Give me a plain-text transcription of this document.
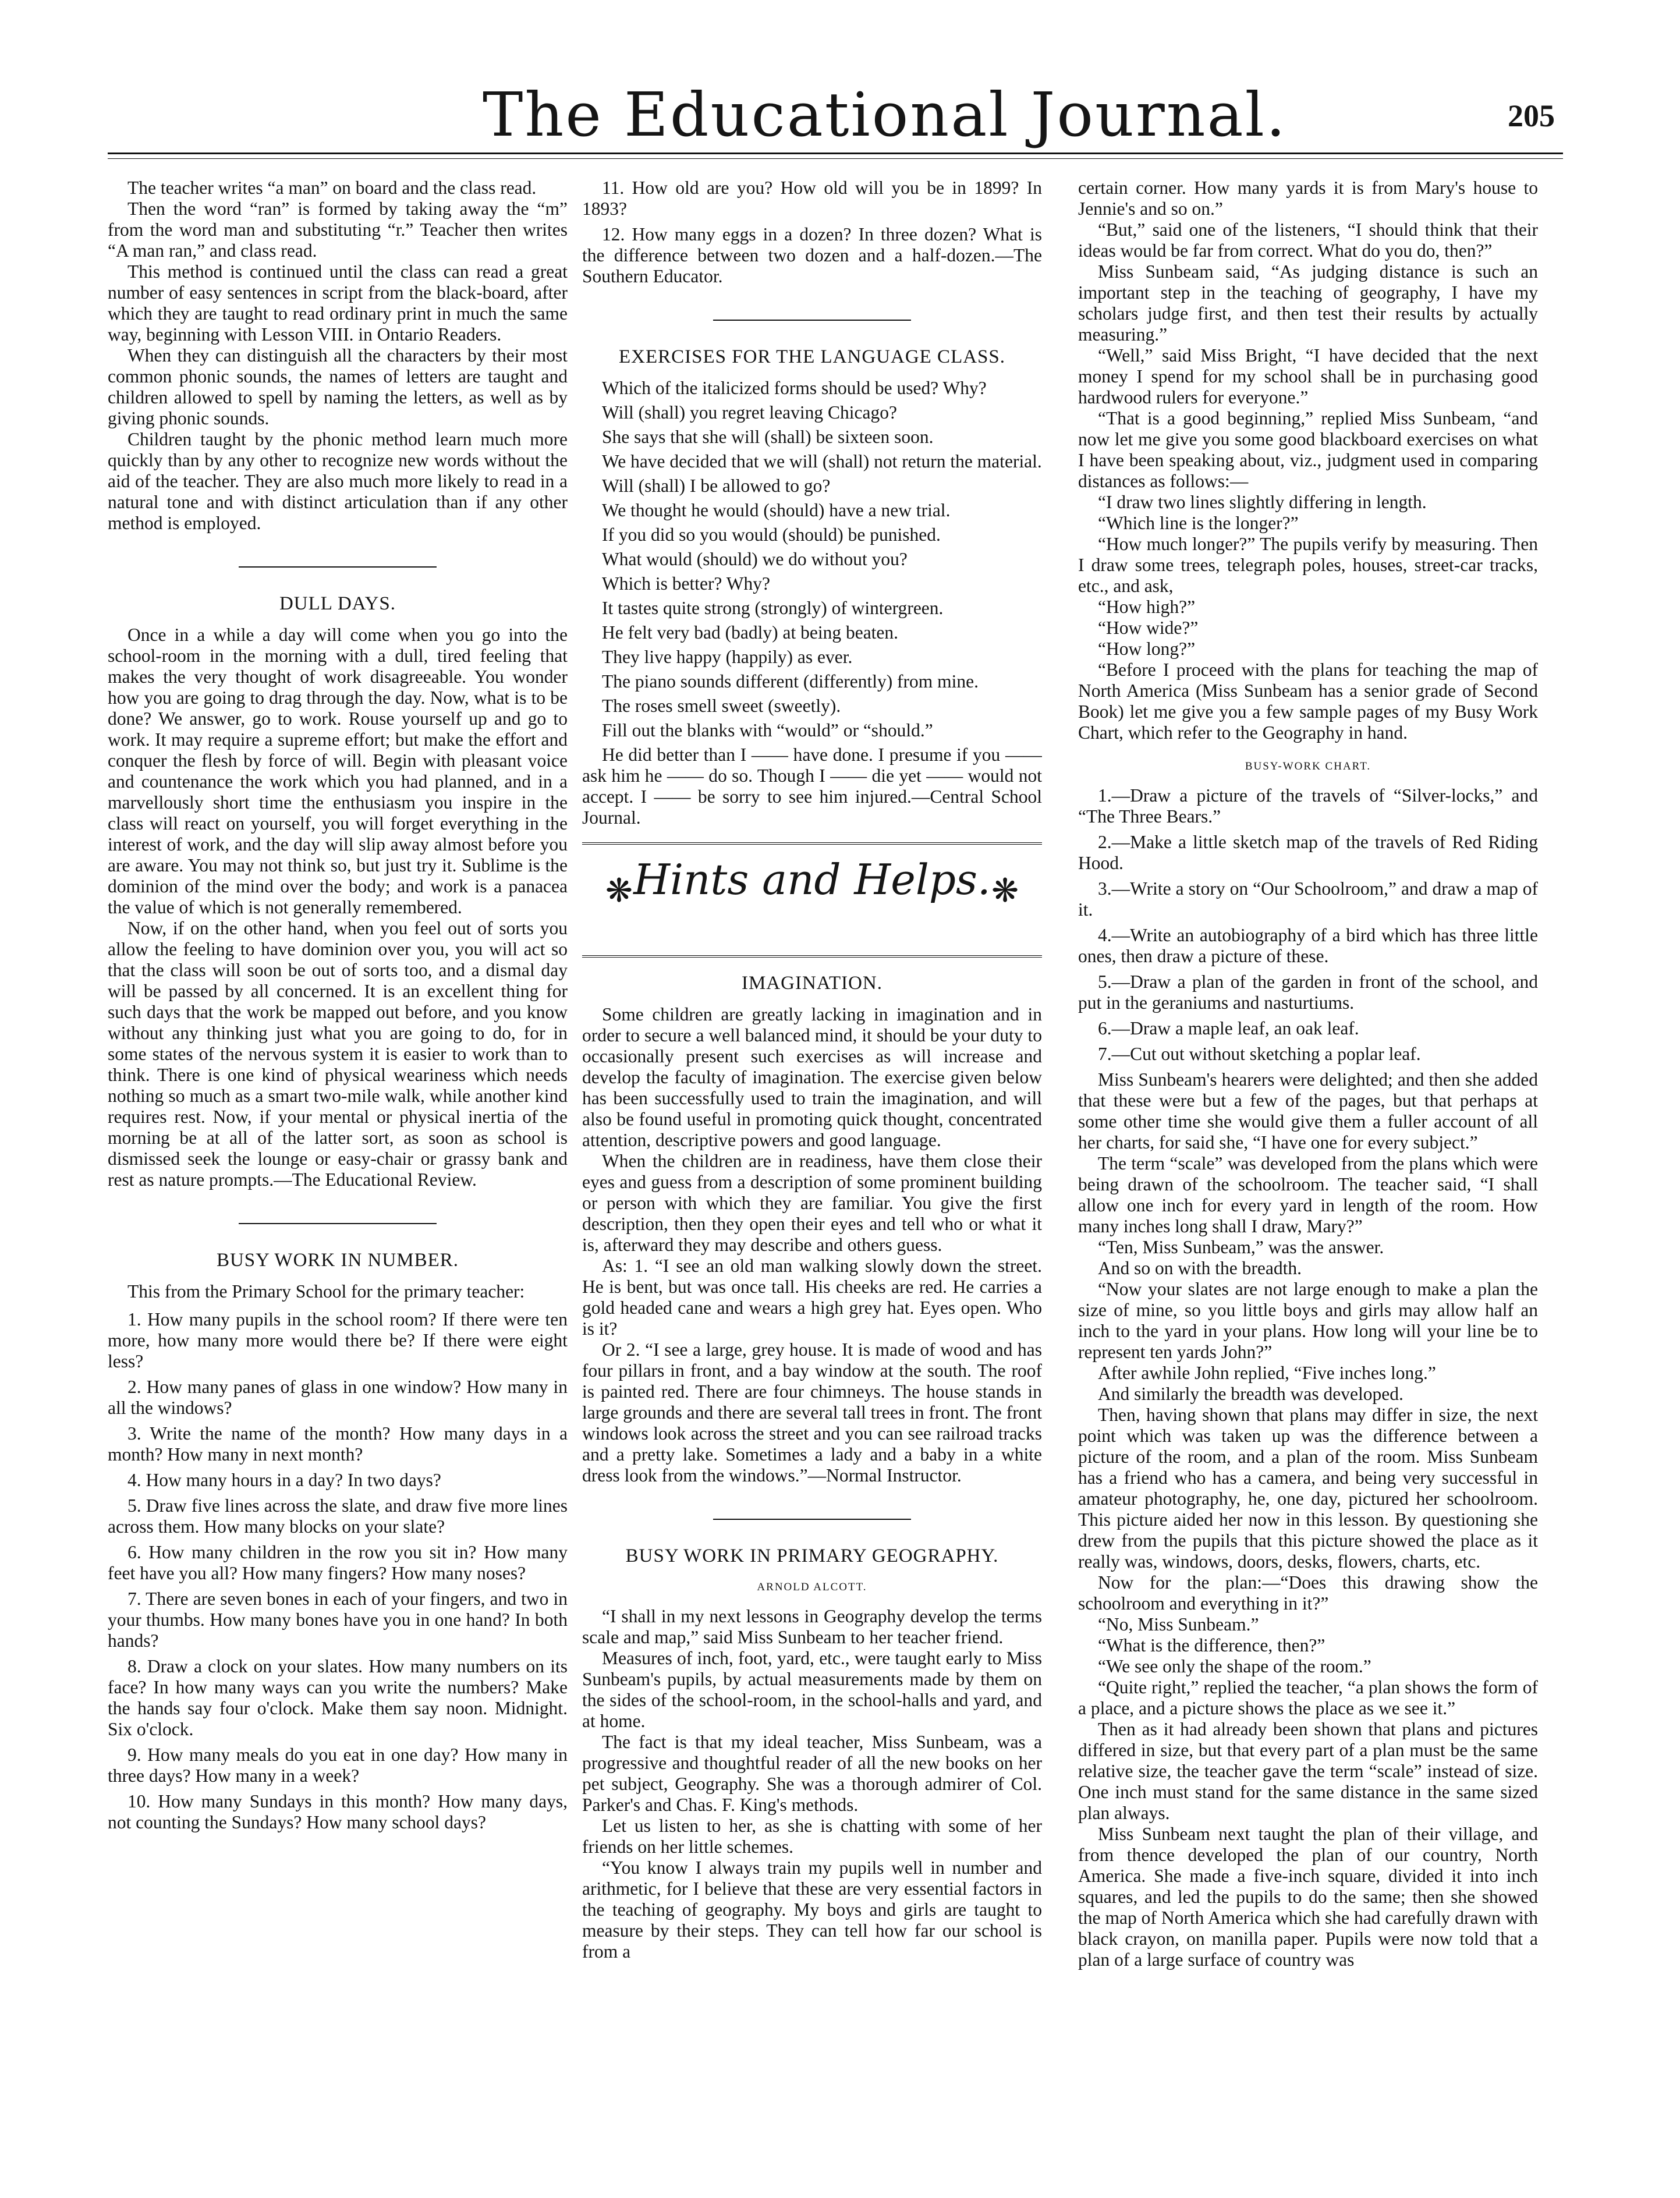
The Educational Journal.	205

The teacher writes “a man” on board and the class read.

Then the word “ran” is formed by taking away the “m” from the word man and substituting “r.” Teacher then writes “A man ran,” and class read.

This method is continued until the class can read a great number of easy sentences in script from the black-board, after which they are taught to read ordinary print in much the same way, beginning with Lesson VIII. in Ontario Readers.

When they can distinguish all the characters by their most common phonic sounds, the names of letters are taught and children allowed to spell by naming the letters, as well as by giving phonic sounds.

Children taught by the phonic method learn much more quickly than by any other to recognize new words without the aid of the teacher. They are also much more likely to read in a natural tone and with distinct articulation than if any other method is employed.

DULL DAYS.

Once in a while a day will come when you go into the school-room in the morning with a dull, tired feeling that makes the very thought of work disagreeable. You wonder how you are going to drag through the day. Now, what is to be done? We answer, go to work. Rouse yourself up and go to work. It may require a supreme effort; but make the effort and conquer the flesh by force of will. Begin with pleasant voice and countenance the work which you had planned, and in a marvellously short time the enthusiasm you inspire in the class will react on yourself, you will forget everything in the interest of work, and the day will slip away almost before you are aware. You may not think so, but just try it. Sublime is the dominion of the mind over the body; and work is a panacea the value of which is not generally remembered.

Now, if on the other hand, when you feel out of sorts you allow the feeling to have dominion over you, you will act so that the class will soon be out of sorts too, and a dismal day will be passed by all concerned. It is an excellent thing for such days that the work be mapped out before, and you know without any thinking just what you are going to do, for in some states of the nervous system it is easier to work than to think. There is one kind of physical weariness which needs nothing so much as a smart two-mile walk, while another kind requires rest. Now, if your mental or physical inertia of the morning be at all of the latter sort, as soon as school is dismissed seek the lounge or easy-chair or grassy bank and rest as nature prompts.—The Educational Review.

BUSY WORK IN NUMBER.

This from the Primary School for the primary teacher:

1. How many pupils in the school room? If there were ten more, how many more would there be? If there were eight less?

2. How many panes of glass in one window? How many in all the windows?

3. Write the name of the month? How many days in a month? How many in next month?

4. How many hours in a day? In two days?

5. Draw five lines across the slate, and draw five more lines across them. How many blocks on your slate?

6. How many children in the row you sit in? How many feet have you all? How many fingers? How many noses?

7. There are seven bones in each of your fingers, and two in your thumbs. How many bones have you in one hand? In both hands?

8. Draw a clock on your slates. How many numbers on its face? In how many ways can you write the numbers? Make the hands say four o'clock. Make them say noon. Midnight. Six o'clock.

9. How many meals do you eat in one day? How many in three days? How many in a week?

10. How many Sundays in this month? How many days, not counting the Sundays? How many school days?

11. How old are you? How old will you be in 1899? In 1893?

12. How many eggs in a dozen? In three dozen? What is the difference between two dozen and a half-dozen.—The Southern Educator.

EXERCISES FOR THE LANGUAGE CLASS.

Which of the italicized forms should be used? Why?

Will (shall) you regret leaving Chicago?

She says that she will (shall) be sixteen soon.

We have decided that we will (shall) not return the material.

Will (shall) I be allowed to go?

We thought he would (should) have a new trial.

If you did so you would (should) be punished.

What would (should) we do without you?

Which is better? Why?

It tastes quite strong (strongly) of wintergreen.

He felt very bad (badly) at being beaten.

They live happy (happily) as ever.

The piano sounds different (differently) from mine.

The roses smell sweet (sweetly).

Fill out the blanks with “would” or “should.”

He did better than I —— have done. I presume if you —— ask him he —— do so. Though I —— die yet —— would not accept. I —— be sorry to see him injured.—Central School Journal.

❋ Hints and Helps. ❋
IMAGINATION.

Some children are greatly lacking in imagination and in order to secure a well balanced mind, it should be your duty to occasionally present such exercises as will increase and develop the faculty of imagination. The exercise given below has been successfully used to train the imagination, and will also be found useful in promoting quick thought, concentrated attention, descriptive powers and good language.

When the children are in readiness, have them close their eyes and guess from a description of some prominent building or person with which they are familiar. You give the first description, then they open their eyes and tell who or what it is, afterward they may describe and others guess.

As: 1. “I see an old man walking slowly down the street. He is bent, but was once tall. His cheeks are red. He carries a gold headed cane and wears a high grey hat. Eyes open. Who is it?

Or 2. “I see a large, grey house. It is made of wood and has four pillars in front, and a bay window at the south. The roof is painted red. There are four chimneys. The house stands in large grounds and there are several tall trees in front. The front windows look across the street and you can see railroad tracks and a pretty lake. Sometimes a lady and a baby in a white dress look from the windows.”—Normal Instructor.

BUSY WORK IN PRIMARY GEOGRAPHY.
ARNOLD ALCOTT.

“I shall in my next lessons in Geography develop the terms scale and map,” said Miss Sunbeam to her teacher friend.

Measures of inch, foot, yard, etc., were taught early to Miss Sunbeam's pupils, by actual measurements made by them on the sides of the school-room, in the school-halls and yard, and at home.

The fact is that my ideal teacher, Miss Sunbeam, was a progressive and thoughtful reader of all the new books on her pet subject, Geography. She was a thorough admirer of Col. Parker's and Chas. F. King's methods.

Let us listen to her, as she is chatting with some of her friends on her little schemes.

“You know I always train my pupils well in number and arithmetic, for I believe that these are very essential factors in the teaching of geography. My boys and girls are taught to measure by their steps. They can tell how far our school is from a

certain corner. How many yards it is from Mary's house to Jennie's and so on.”

“But,” said one of the listeners, “I should think that their ideas would be far from correct. What do you do, then?”

Miss Sunbeam said, “As judging distance is such an important step in the teaching of geography, I have my scholars judge first, and then test their results by actually measuring.”

“Well,” said Miss Bright, “I have decided that the next money I spend for my school shall be in purchasing good hardwood rulers for everyone.”

“That is a good beginning,” replied Miss Sunbeam, “and now let me give you some good blackboard exercises on what I have been speaking about, viz., judgment used in comparing distances as follows:—

“I draw two lines slightly differing in length.

“Which line is the longer?”

“How much longer?” The pupils verify by measuring. Then I draw some trees, telegraph poles, houses, street-car tracks, etc., and ask,

“How high?”

“How wide?”

“How long?”

“Before I proceed with the plans for teaching the map of North America (Miss Sunbeam has a senior grade of Second Book) let me give you a few sample pages of my Busy Work Chart, which refer to the Geography in hand.

BUSY-WORK CHART.

1.—Draw a picture of the travels of “Silver-locks,” and “The Three Bears.”

2.—Make a little sketch map of the travels of Red Riding Hood.

3.—Write a story on “Our Schoolroom,” and draw a map of it.

4.—Write an autobiography of a bird which has three little ones, then draw a picture of these.

5.—Draw a plan of the garden in front of the school, and put in the geraniums and nasturtiums.

6.—Draw a maple leaf, an oak leaf.

7.—Cut out without sketching a poplar leaf.

Miss Sunbeam's hearers were delighted; and then she added that these were but a few of the pages, but that perhaps at some other time she would give them a fuller account of all her charts, for said she, “I have one for every subject.”

The term “scale” was developed from the plans which were being drawn of the schoolroom. The teacher said, “I shall allow one inch for every yard in length of the room. How many inches long shall I draw, Mary?”

“Ten, Miss Sunbeam,” was the answer.

And so on with the breadth.

“Now your slates are not large enough to make a plan the size of mine, so you little boys and girls may allow half an inch to the yard in your plans. How long will your line be to represent ten yards John?”

After awhile John replied, “Five inches long.”

And similarly the breadth was developed.

Then, having shown that plans may differ in size, the next point which was taken up was the difference between a picture of the room, and a plan of the room. Miss Sunbeam has a friend who has a camera, and being very successful in amateur photography, he, one day, pictured her schoolroom. This picture aided her now in this lesson. By questioning she drew from the pupils that this picture showed the place as it really was, windows, doors, desks, flowers, charts, etc.

Now for the plan:—“Does this drawing show the schoolroom and everything in it?”

“No, Miss Sunbeam.”

“What is the difference, then?”

“We see only the shape of the room.”

“Quite right,” replied the teacher, “a plan shows the form of a place, and a picture shows the place as we see it.”

Then as it had already been shown that plans and pictures differed in size, but that every part of a plan must be the same relative size, the teacher gave the term “scale” instead of size. One inch must stand for the same distance in the same sized plan always.

Miss Sunbeam next taught the plan of their village, and from thence developed the plan of our country, North America. She made a five-inch square, divided it into inch squares, and led the pupils to do the same; then she showed the map of North America which she had carefully drawn with black crayon, on manilla paper. Pupils were now told that a plan of a large surface of country was
